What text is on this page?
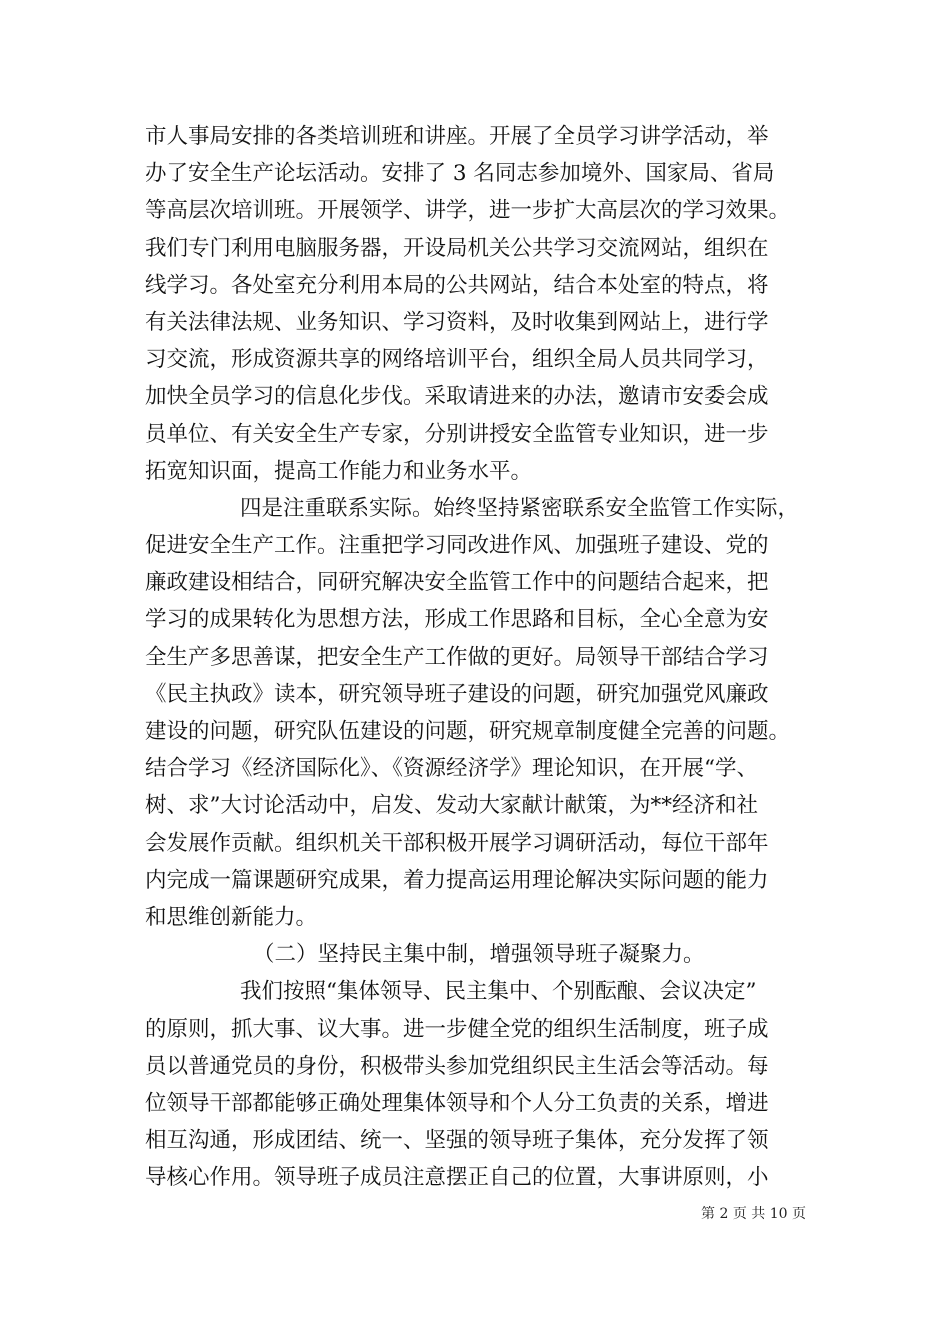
市人事局安排的各类培训班和讲座。开展了全员学习讲学活动，举
办了安全生产论坛活动。安排了 3 名同志参加境外、国家局、省局
等高层次培训班。开展领学、讲学，进一步扩大高层次的学习效果。
我们专门利用电脑服务器，开设局机关公共学习交流网站，组织在
线学习。各处室充分利用本局的公共网站，结合本处室的特点，将
有关法律法规、业务知识、学习资料，及时收集到网站上，进行学
习交流，形成资源共享的网络培训平台，组织全局人员共同学习，
加快全员学习的信息化步伐。采取请进来的办法，邀请市安委会成
员单位、有关安全生产专家，分别讲授安全监管专业知识，进一步
拓宽知识面，提高工作能力和业务水平。
四是注重联系实际。始终坚持紧密联系安全监管工作实际，
促进安全生产工作。注重把学习同改进作风、加强班子建设、党的
廉政建设相结合，同研究解决安全监管工作中的问题结合起来，把
学习的成果转化为思想方法，形成工作思路和目标，全心全意为安
全生产多思善谋，把安全生产工作做的更好。局领导干部结合学习
《民主执政》读本，研究领导班子建设的问题，研究加强党风廉政
建设的问题，研究队伍建设的问题，研究规章制度健全完善的问题。
结合学习《经济国际化》、《资源经济学》理论知识，在开展“学、
树、求”大讨论活动中，启发、发动大家献计献策，为**经济和社
会发展作贡献。组织机关干部积极开展学习调研活动，每位干部年
内完成一篇课题研究成果，着力提高运用理论解决实际问题的能力
和思维创新能力。
（二）坚持民主集中制，增强领导班子凝聚力。
我们按照“集体领导、民主集中、个别酝酿、会议决定”
的原则，抓大事、议大事。进一步健全党的组织生活制度，班子成
员以普通党员的身份，积极带头参加党组织民主生活会等活动。每
位领导干部都能够正确处理集体领导和个人分工负责的关系，增进
相互沟通，形成团结、统一、坚强的领导班子集体，充分发挥了领
导核心作用。领导班子成员注意摆正自己的位置，大事讲原则，小
第 2 页 共 10 页
